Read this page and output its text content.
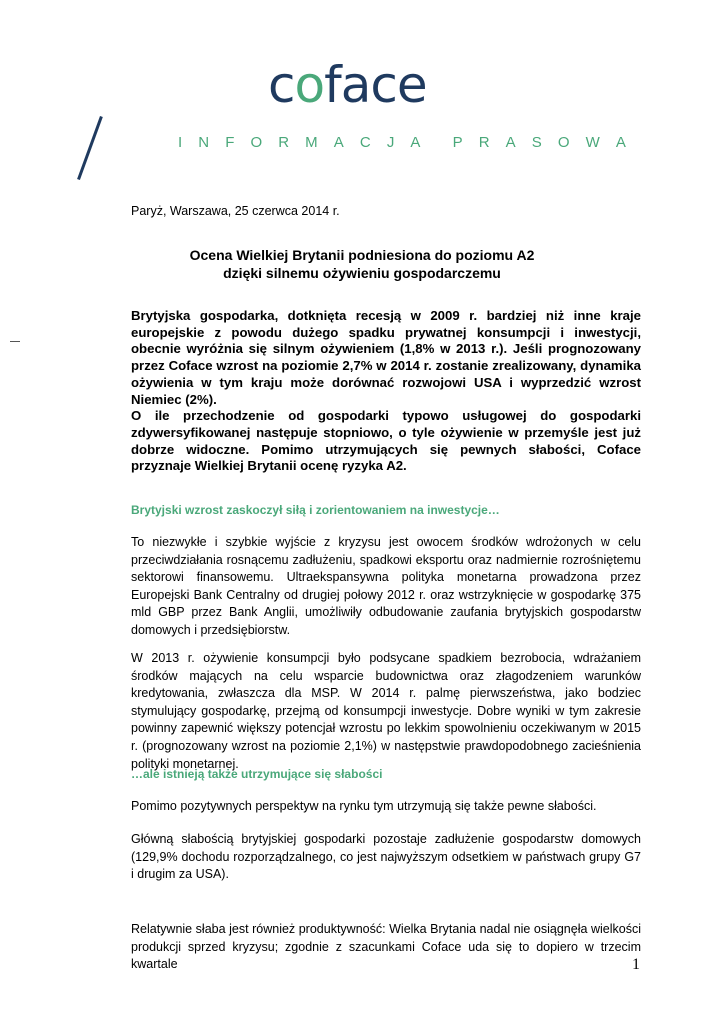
coface
I N F O R M A C J A P R A S O W A
Paryż, Warszawa, 25 czerwca 2014 r.
Ocena Wielkiej Brytanii podniesiona do poziomu A2
dzięki silnemu ożywieniu gospodarczemu

Brytyjska gospodarka, dotknięta recesją w 2009 r. bardziej niż inne kraje europejskie z powodu dużego spadku prywatnej konsumpcji i inwestycji, obecnie wyróżnia się silnym ożywieniem (1,8% w 2013 r.). Jeśli prognozowany przez Coface wzrost na poziomie 2,7% w 2014 r. zostanie zrealizowany, dynamika ożywienia w tym kraju może dorównać rozwojowi USA i wyprzedzić wzrost Niemiec (2%).

O ile przechodzenie od gospodarki typowo usługowej do gospodarki zdywersyfikowanej następuje stopniowo, o tyle ożywienie w przemyśle jest już dobrze widoczne. Pomimo utrzymujących się pewnych słabości, Coface przyznaje Wielkiej Brytanii ocenę ryzyka A2.

Brytyjski wzrost zaskoczył siłą i zorientowaniem na inwestycje…

To niezwykłe i szybkie wyjście z kryzysu jest owocem środków wdrożonych w celu przeciwdziałania rosnącemu zadłużeniu, spadkowi eksportu oraz nadmiernie rozrośniętemu sektorowi finansowemu. Ultraekspansywna polityka monetarna prowadzona przez Europejski Bank Centralny od drugiej połowy 2012 r. oraz wstrzyknięcie w gospodarkę 375 mld GBP przez Bank Anglii, umożliwiły odbudowanie zaufania brytyjskich gospodarstw domowych i przedsiębiorstw.

W 2013 r. ożywienie konsumpcji było podsycane spadkiem bezrobocia, wdrażaniem środków mających na celu wsparcie budownictwa oraz złagodzeniem warunków kredytowania, zwłaszcza dla MSP. W 2014 r. palmę pierwszeństwa, jako bodziec stymulujący gospodarkę, przejmą od konsumpcji inwestycje. Dobre wyniki w tym zakresie powinny zapewnić większy potencjał wzrostu po lekkim spowolnieniu oczekiwanym w 2015 r. (prognozowany wzrost na poziomie 2,1%) w następstwie prawdopodobnego zacieśnienia polityki monetarnej.

…ale istnieją także utrzymujące się słabości

Pomimo pozytywnych perspektyw na rynku tym utrzymują się także pewne słabości.

Główną słabością brytyjskiej gospodarki pozostaje zadłużenie gospodarstw domowych (129,9% dochodu rozporządzalnego, co jest najwyższym odsetkiem w państwach grupy G7 i drugim za USA).

Relatywnie słaba jest również produktywność: Wielka Brytania nadal nie osiągnęła wielkości produkcji sprzed kryzysu; zgodnie z szacunkami Coface uda się to dopiero w trzecim kwartale	1
